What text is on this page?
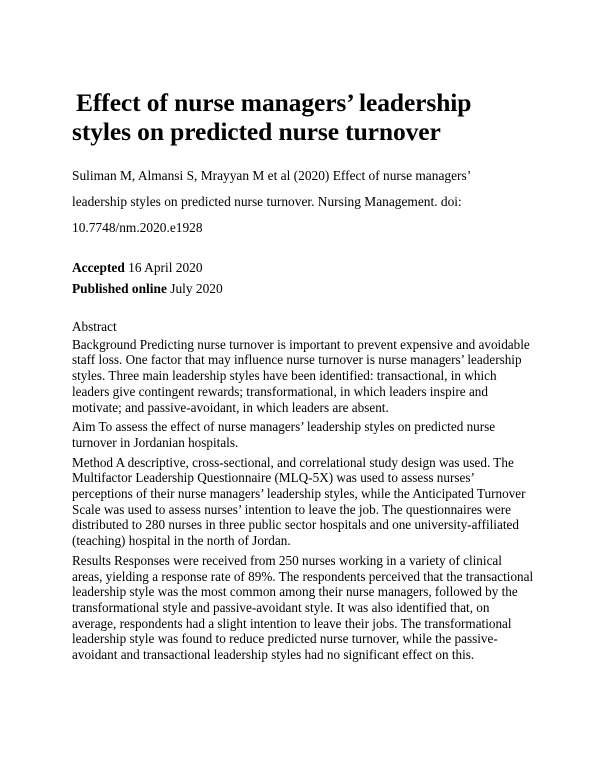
Effect of nurse managers’ leadership
styles on predicted nurse turnover

Suliman M, Almansi S, Mrayyan M et al (2020) Effect of nurse managers’
leadership styles on predicted nurse turnover. Nursing Management. doi:
10.7748/nm.2020.e1928

Accepted 16 April 2020
Published online July 2020
Abstract

Background Predicting nurse turnover is important to prevent expensive and avoidable staff loss. One factor that may influence nurse turnover is nurse managers’ leadership styles. Three main leadership styles have been identified: transactional, in which leaders give contingent rewards; transformational, in which leaders inspire and motivate; and passive-avoidant, in which leaders are absent.

Aim To assess the effect of nurse managers’ leadership styles on predicted nurse turnover in Jordanian hospitals.

Method A descriptive, cross-sectional, and correlational study design was used. The Multifactor Leadership Questionnaire (MLQ-5X) was used to assess nurses’ perceptions of their nurse managers’ leadership styles, while the Anticipated Turnover Scale was used to assess nurses’ intention to leave the job. The questionnaires were distributed to 280 nurses in three public sector hospitals and one university-affiliated (teaching) hospital in the north of Jordan.

Results Responses were received from 250 nurses working in a variety of clinical areas, yielding a response rate of 89%. The respondents perceived that the transactional leadership style was the most common among their nurse managers, followed by the transformational style and passive-avoidant style. It was also identified that, on average, respondents had a slight intention to leave their jobs. The transformational leadership style was found to reduce predicted nurse turnover, while the passive-avoidant and transactional leadership styles had no significant effect on this.
